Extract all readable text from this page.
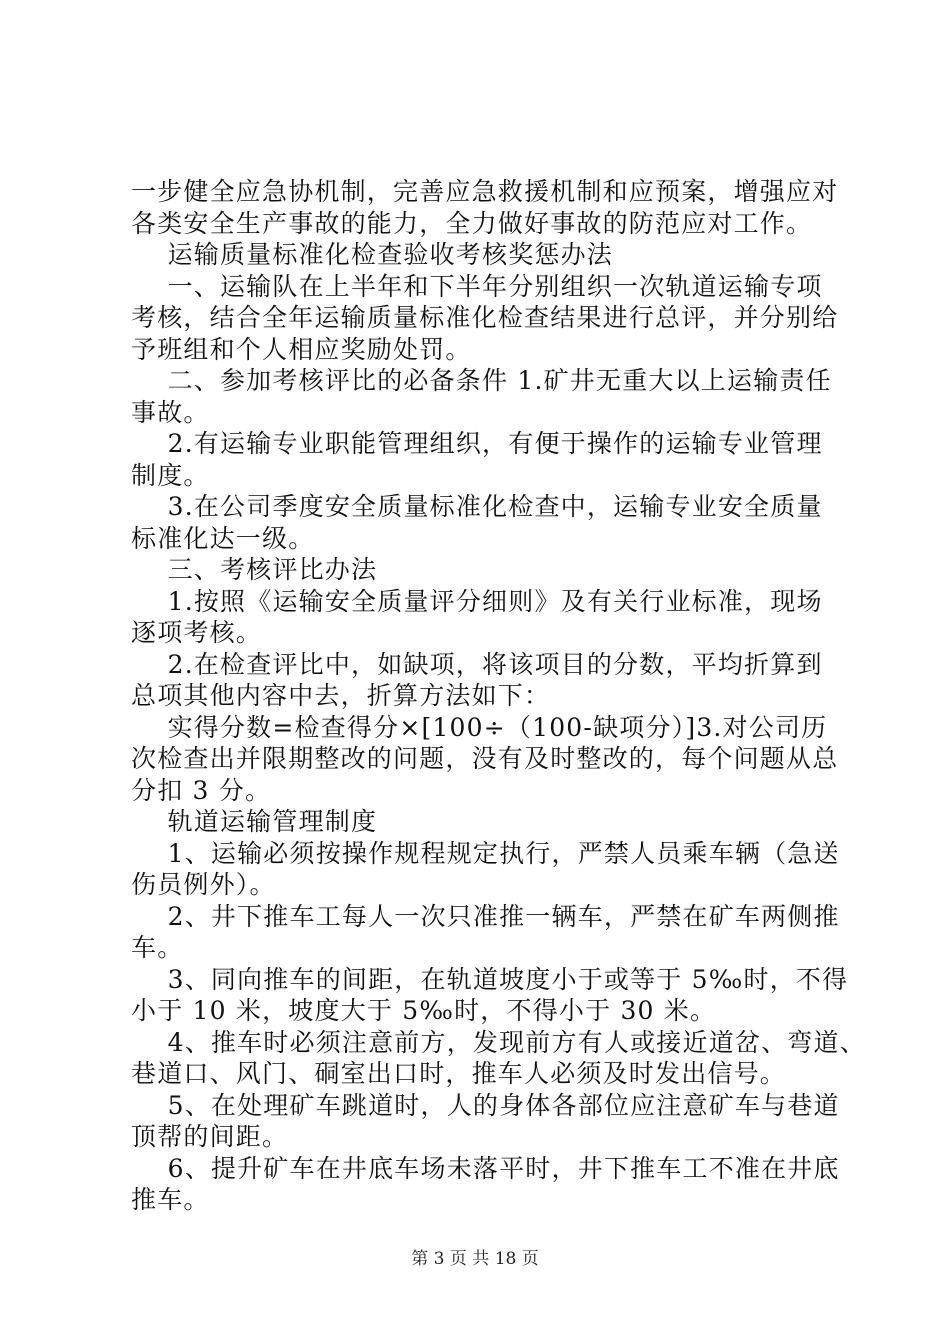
一步健全应急协机制，完善应急救援机制和应预案，增强应对
各类安全生产事故的能力，全力做好事故的防范应对工作。
运输质量标准化检查验收考核奖惩办法
一、运输队在上半年和下半年分别组织一次轨道运输专项
考核，结合全年运输质量标准化检查结果进行总评，并分别给
予班组和个人相应奖励处罚。
二、参加考核评比的必备条件 1.矿井无重大以上运输责任
事故。
2.有运输专业职能管理组织，有便于操作的运输专业管理
制度。
3.在公司季度安全质量标准化检查中，运输专业安全质量
标准化达一级。
三、考核评比办法
1.按照《运输安全质量评分细则》及有关行业标准，现场
逐项考核。
2.在检查评比中，如缺项，将该项目的分数，平均折算到
总项其他内容中去，折算方法如下：
实得分数=检查得分×[100÷（100-缺项分）]3.对公司历
次检查出并限期整改的问题，没有及时整改的，每个问题从总
分扣 3 分。
轨道运输管理制度
1、运输必须按操作规程规定执行，严禁人员乘车辆（急送
伤员例外）。
2、井下推车工每人一次只准推一辆车，严禁在矿车两侧推
车。
3、同向推车的间距，在轨道坡度小于或等于 5‰时，不得
小于 10 米，坡度大于 5‰时，不得小于 30 米。
4、推车时必须注意前方，发现前方有人或接近道岔、弯道、
巷道口、风门、硐室出口时，推车人必须及时发出信号。
5、在处理矿车跳道时，人的身体各部位应注意矿车与巷道
顶帮的间距。
6、提升矿车在井底车场未落平时，井下推车工不准在井底
推车。
第 3 页 共 18 页
